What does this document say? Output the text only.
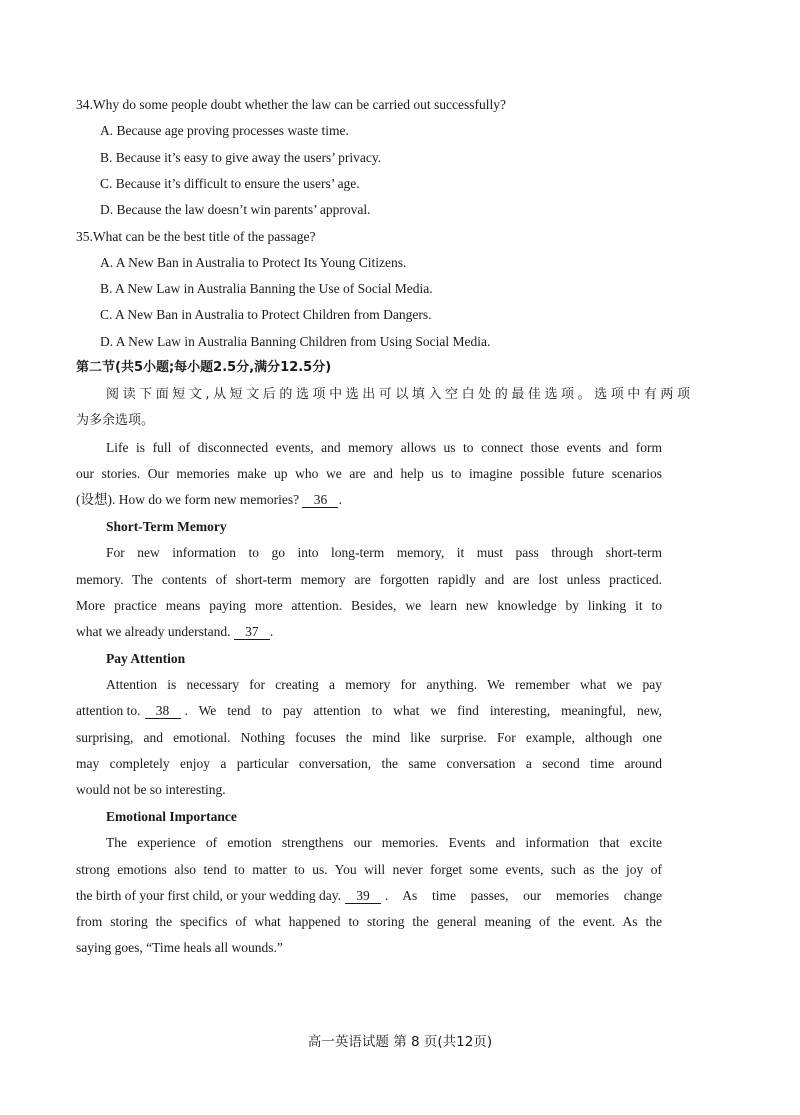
34.Why do some people doubt whether the law can be carried out successfully?
A. Because age proving processes waste time.
B. Because it’s easy to give away the users’ privacy.
C. Because it’s difficult to ensure the users’ age.
D. Because the law doesn’t win parents’ approval.
35.What can be the best title of the passage?
A. A New Ban in Australia to Protect Its Young Citizens.
B. A New Law in Australia Banning the Use of Social Media.
C. A New Ban in Australia to Protect Children from Dangers.
D. A New Law in Australia Banning Children from Using Social Media.
第二节(共5小题;每小题2.5分,满分12.5分)
阅读下面短文,从短文后的选项中选出可以填入空白处的最佳选项。选项中有两项
为多余选项。
Life is full of disconnected events, and memory allows us to connect those events and form
our stories. Our memories make up who we are and help us to imagine possible future scenarios
(设想). How do we form new memories? 36 .
Short-Term Memory
For new information to go into long-term memory, it must pass through short-term
memory. The contents of short-term memory are forgotten rapidly and are lost unless practiced.
More practice means paying more attention. Besides, we learn new knowledge by linking it to
what we already understand. 37 .
Pay Attention
Attention is necessary for creating a memory for anything. We remember what we pay
attention to.	38	. We tend to pay attention to what we find interesting, meaningful, new,
surprising, and emotional. Nothing focuses the mind like surprise. For example, although one
may completely enjoy a particular conversation, the same conversation a second time around
would not be so interesting.
Emotional Importance
The experience of emotion strengthens our memories. Events and information that excite
strong emotions also tend to matter to us. You will never forget some events, such as the joy of
the birth of your first child, or your wedding day.	39	. As time passes, our memories change
from storing the specifics of what happened to storing the general meaning of the event. As the
saying goes, “Time heals all wounds.”
高一英语试题 第 8 页(共12页)
